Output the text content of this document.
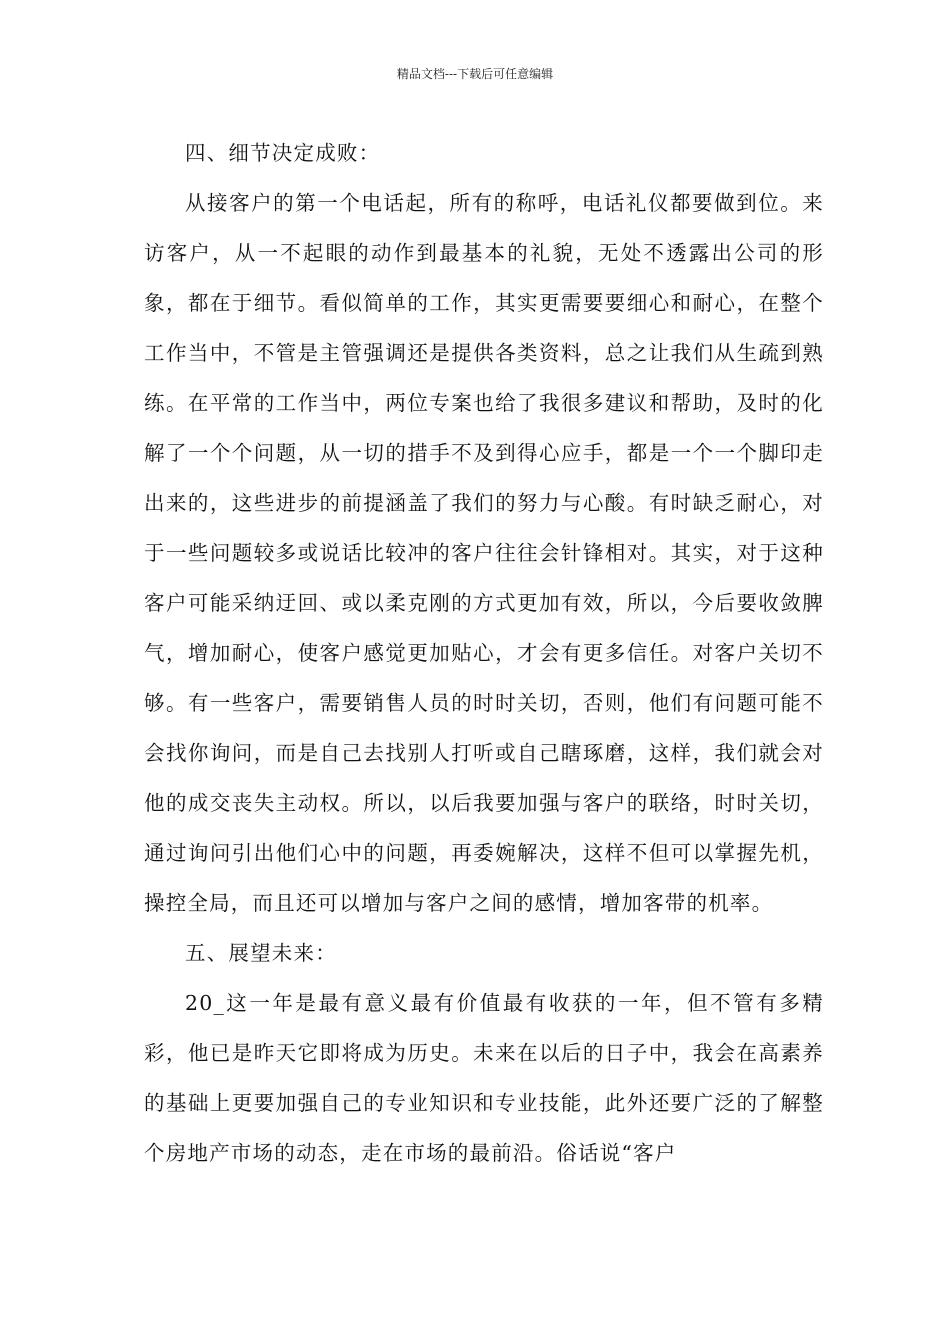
精品文档---下载后可任意编辑

四、细节决定成败：

从接客户的第一个电话起，所有的称呼，电话礼仪都要做到位。来访客户，从一不起眼的动作到最基本的礼貌，无处不透露出公司的形象，都在于细节。看似简单的工作，其实更需要要细心和耐心，在整个工作当中，不管是主管强调还是提供各类资料，总之让我们从生疏到熟练。在平常的工作当中，两位专案也给了我很多建议和帮助，及时的化解了一个个问题，从一切的措手不及到得心应手，都是一个一个脚印走出来的，这些进步的前提涵盖了我们的努力与心酸。有时缺乏耐心，对于一些问题较多或说话比较冲的客户往往会针锋相对。其实，对于这种客户可能采纳迂回、或以柔克刚的方式更加有效，所以，今后要收敛脾气，增加耐心，使客户感觉更加贴心，才会有更多信任。对客户关切不够。有一些客户，需要销售人员的时时关切，否则，他们有问题可能不会找你询问，而是自己去找别人打听或自己瞎琢磨，这样，我们就会对他的成交丧失主动权。所以，以后我要加强与客户的联络，时时关切，通过询问引出他们心中的问题，再委婉解决，这样不但可以掌握先机，操控全局，而且还可以增加与客户之间的感情，增加客带的机率。

五、展望未来：

20_这一年是最有意义最有价值最有收获的一年，但不管有多精彩，他已是昨天它即将成为历史。未来在以后的日子中，我会在高素养的基础上更要加强自己的专业知识和专业技能，此外还要广泛的了解整个房地产市场的动态，走在市场的最前沿。俗话说“客户
